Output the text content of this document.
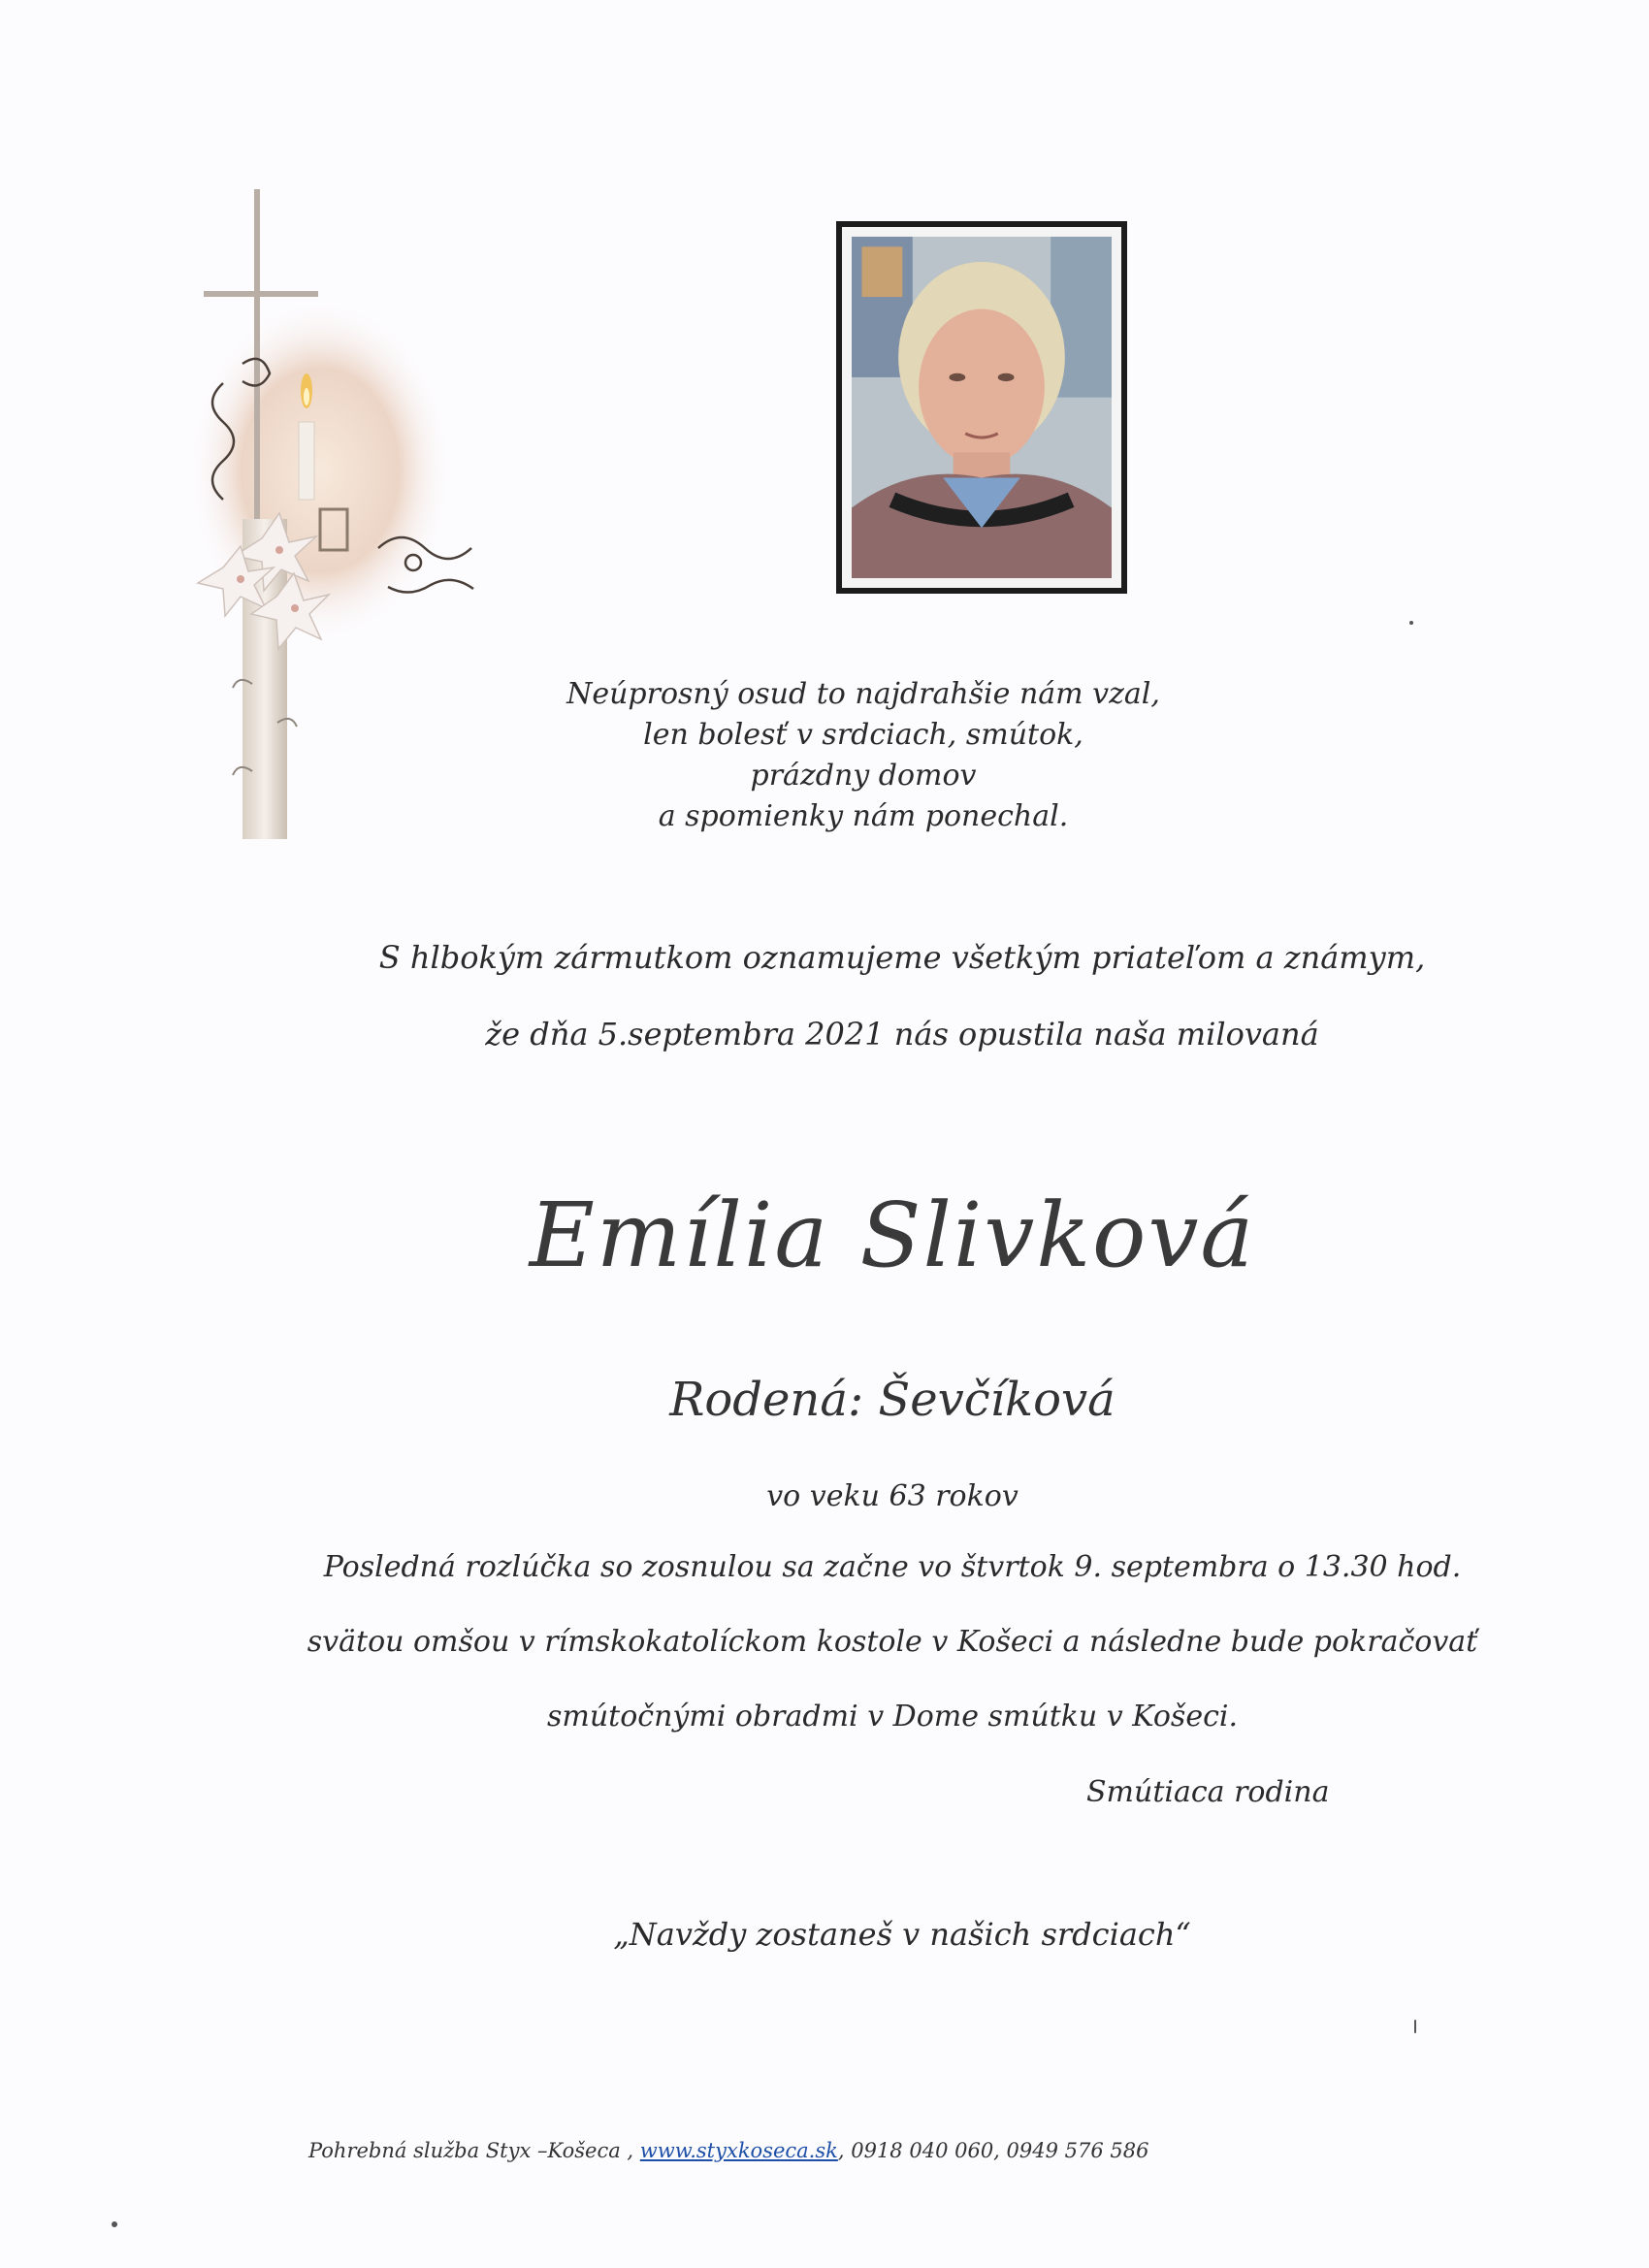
Neúprosný osud to najdrahšie nám vzal,
len bolesť v srdciach, smútok,
prázdny domov
a spomienky nám ponechal.
S hlbokým zármutkom oznamujeme všetkým priateľom a známym,
že dňa 5.septembra 2021 nás opustila naša milovaná
Emília Slivková
Rodená: Ševčíková
vo veku 63 rokov
Posledná rozlúčka so zosnulou sa začne vo štvrtok 9. septembra o 13.30 hod.
svätou omšou v rímskokatolíckom kostole v Košeci a následne bude pokračovať
smútočnými obradmi v Dome smútku v Košeci.
Smútiaca rodina
„Navždy zostaneš v našich srdciach“
Pohrebná služba Styx –Košeca , www.styxkoseca.sk, 0918 040 060, 0949 576 586
